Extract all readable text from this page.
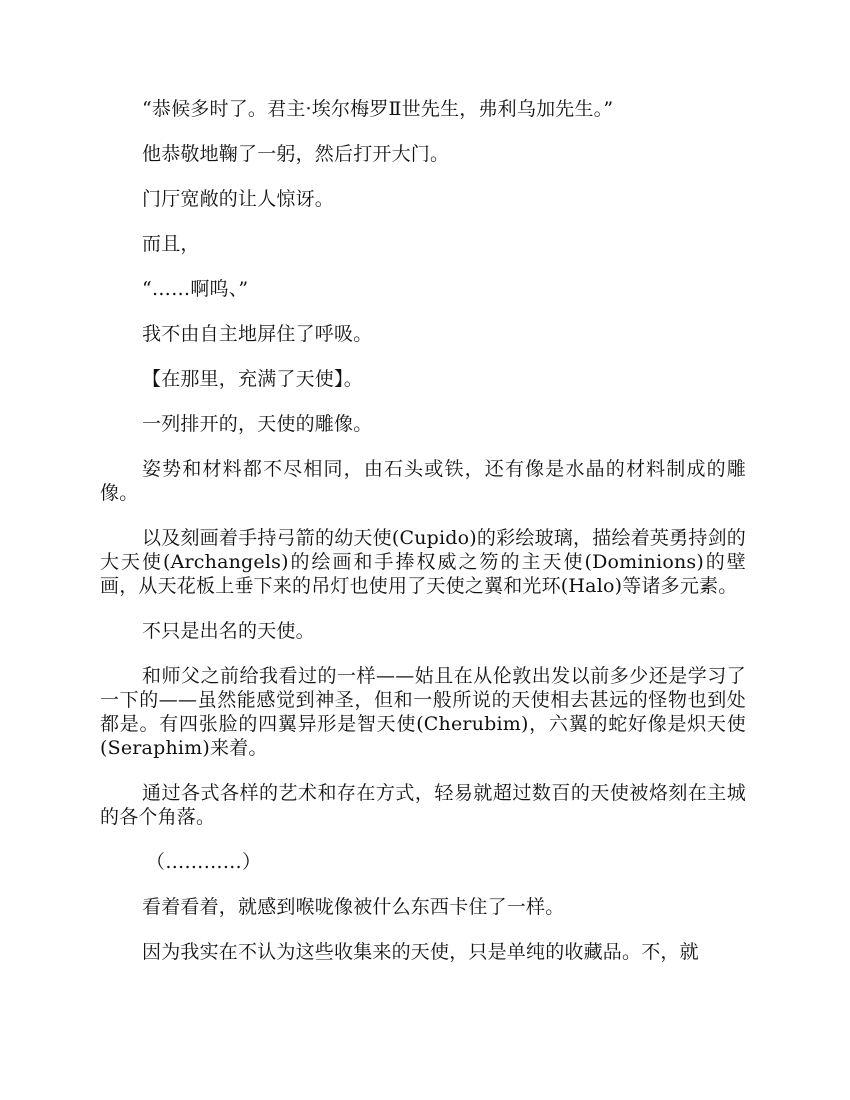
“恭候多时了。君主·埃尔梅罗Ⅱ世先生，弗利乌加先生。”

他恭敬地鞠了一躬，然后打开大门。

门厅宽敞的让人惊讶。

而且，

“……啊呜、”

我不由自主地屏住了呼吸。

【在那里，充满了天使】。

一列排开的，天使的雕像。

姿势和材料都不尽相同，由石头或铁，还有像是水晶的材料制成的雕像。

以及刻画着手持弓箭的幼天使(Cupido)的彩绘玻璃，描绘着英勇持剑的大天使(Archangels)的绘画和手捧权威之笏的主天使(Dominions)的壁画，从天花板上垂下来的吊灯也使用了天使之翼和光环(Halo)等诸多元素。

不只是出名的天使。

和师父之前给我看过的一样——姑且在从伦敦出发以前多少还是学习了一下的——虽然能感觉到神圣，但和一般所说的天使相去甚远的怪物也到处都是。有四张脸的四翼异形是智天使(Cherubim)，六翼的蛇好像是炽天使(Seraphim)来着。

通过各式各样的艺术和存在方式，轻易就超过数百的天使被烙刻在主城的各个角落。

（…………）

看着看着，就感到喉咙像被什么东西卡住了一样。

因为我实在不认为这些收集来的天使，只是单纯的收藏品。不，就
